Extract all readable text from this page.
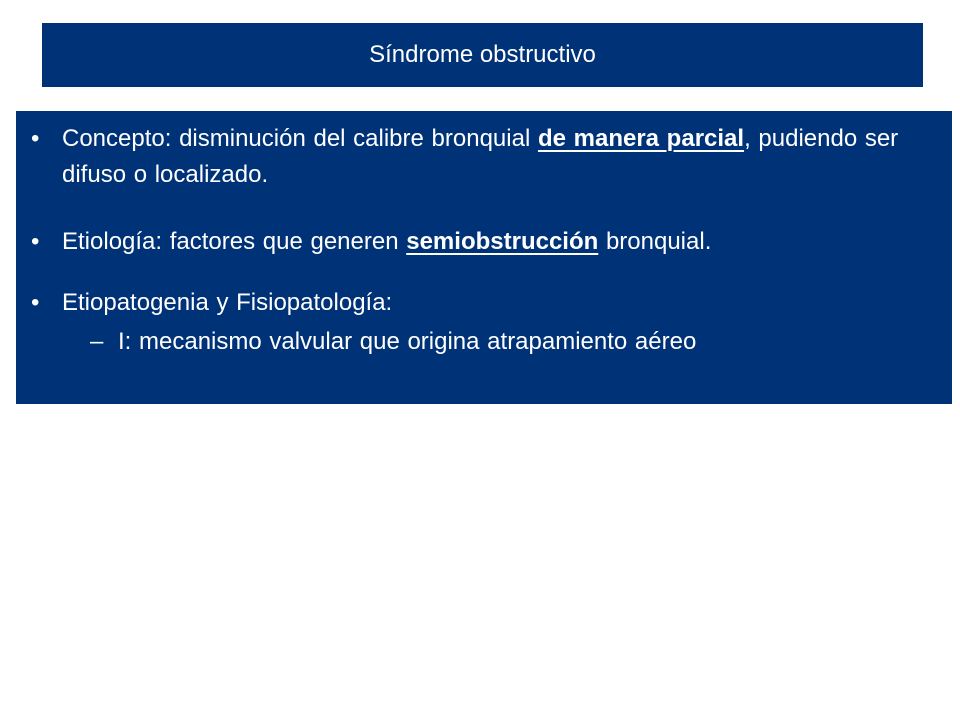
Síndrome obstructivo
• Concepto: disminución del calibre bronquial de manera parcial, pudiendo ser difuso o localizado.
• Etiología: factores que generen semiobstrucción bronquial.
• Etiopatogenia y Fisiopatología:
– I: mecanismo valvular que origina atrapamiento aéreo
